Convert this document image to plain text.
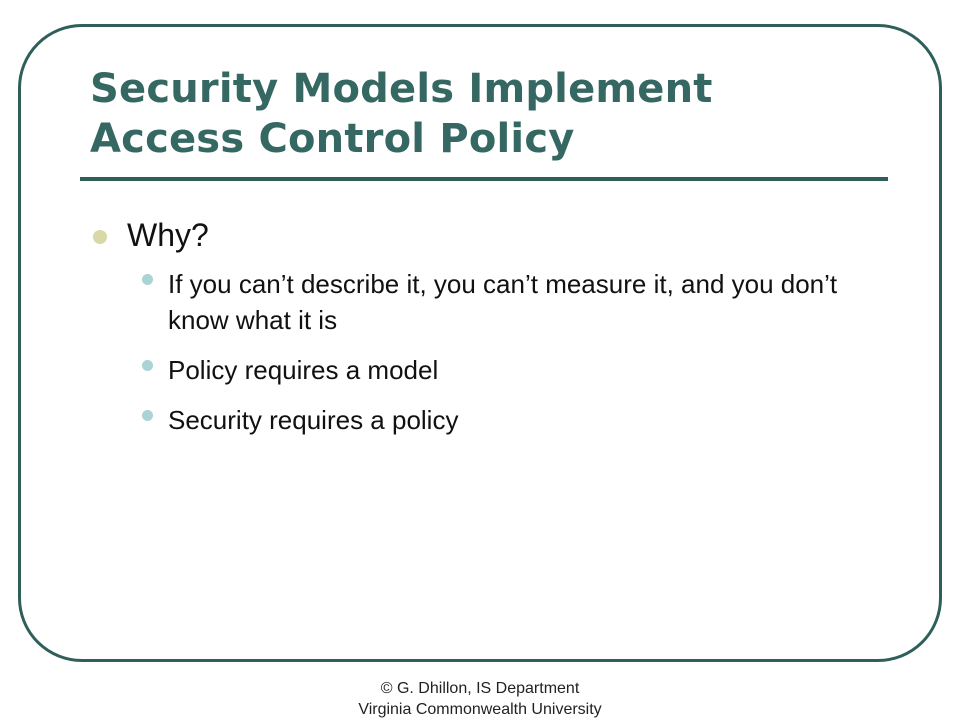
Security Models Implement Access Control Policy
Why?
If you can’t describe it, you can’t measure it, and you don’t know what it is
Policy requires a model
Security requires a policy
© G. Dhillon, IS Department
Virginia Commonwealth University
